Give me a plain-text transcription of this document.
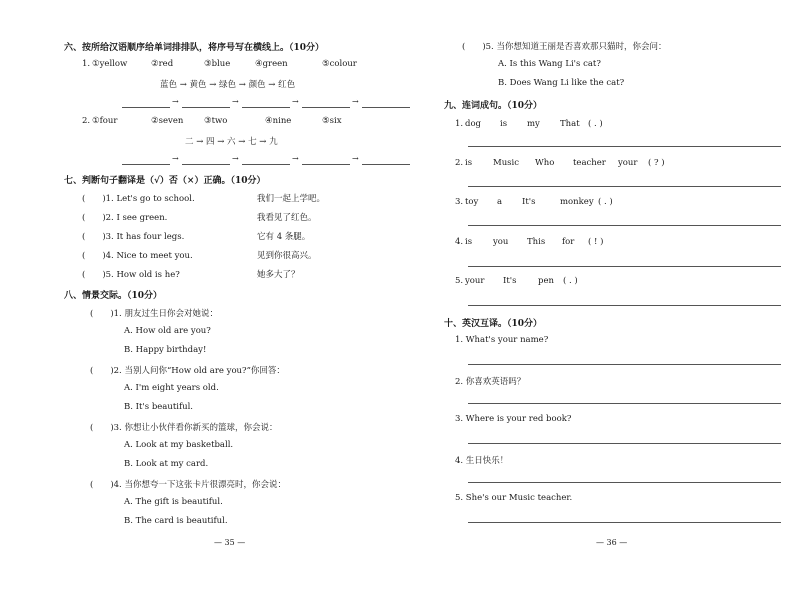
六、按所给汉语顺序给单词排排队，将序号写在横线上。（10分）
1. ①yellow	②red	③blue	④green	⑤colour
蓝色 → 黄色 → 绿色 → 颜色 → 红色
→	→	→	→
2. ①four	②seven ③two	④nine	⑤six
二 → 四 → 六 → 七 → 九
→	→	→	→
七、判断句子翻译是（√）否（×）正确。（10分）
(　　)1. Let's go to school.	我们一起上学吧。
(　　)2. I see green.	我看见了红色。
(　　)3. It has four legs.	它有 4 条腿。
(　　)4. Nice to meet you.	见到你很高兴。
(　　)5. How old is he?	她多大了？
八、情景交际。（10分）
(　　)1. 朋友过生日你会对她说：
A. How old are you?
B. Happy birthday!
(　　)2. 当别人问你“How old are you?”你回答：
A. I'm eight years old.
B. It's beautiful.
(　　)3. 你想让小伙伴看你新买的篮球，你会说：
A. Look at my basketball.
B. Look at my card.
(　　)4. 当你想夸一下这张卡片很漂亮时，你会说：
A. The gift is beautiful.
B. The card is beautiful.
— 35 —
(　　)5. 当你想知道王丽是否喜欢那只猫时，你会问：
A. Is this Wang Li's cat?
B. Does Wang Li like the cat?
九、连词成句。（10分）
1. dog is my That ( . )
2. is Music Who teacher your ( ? )
3. toy a It's	monkey ( . )
4. is you This for ( ! )
5. your It's	pen ( . )
十、英汉互译。（10分）
1. What's your name?
2. 你喜欢英语吗？
3. Where is your red book?
4. 生日快乐！
5. She's our Music teacher.
— 36 —
